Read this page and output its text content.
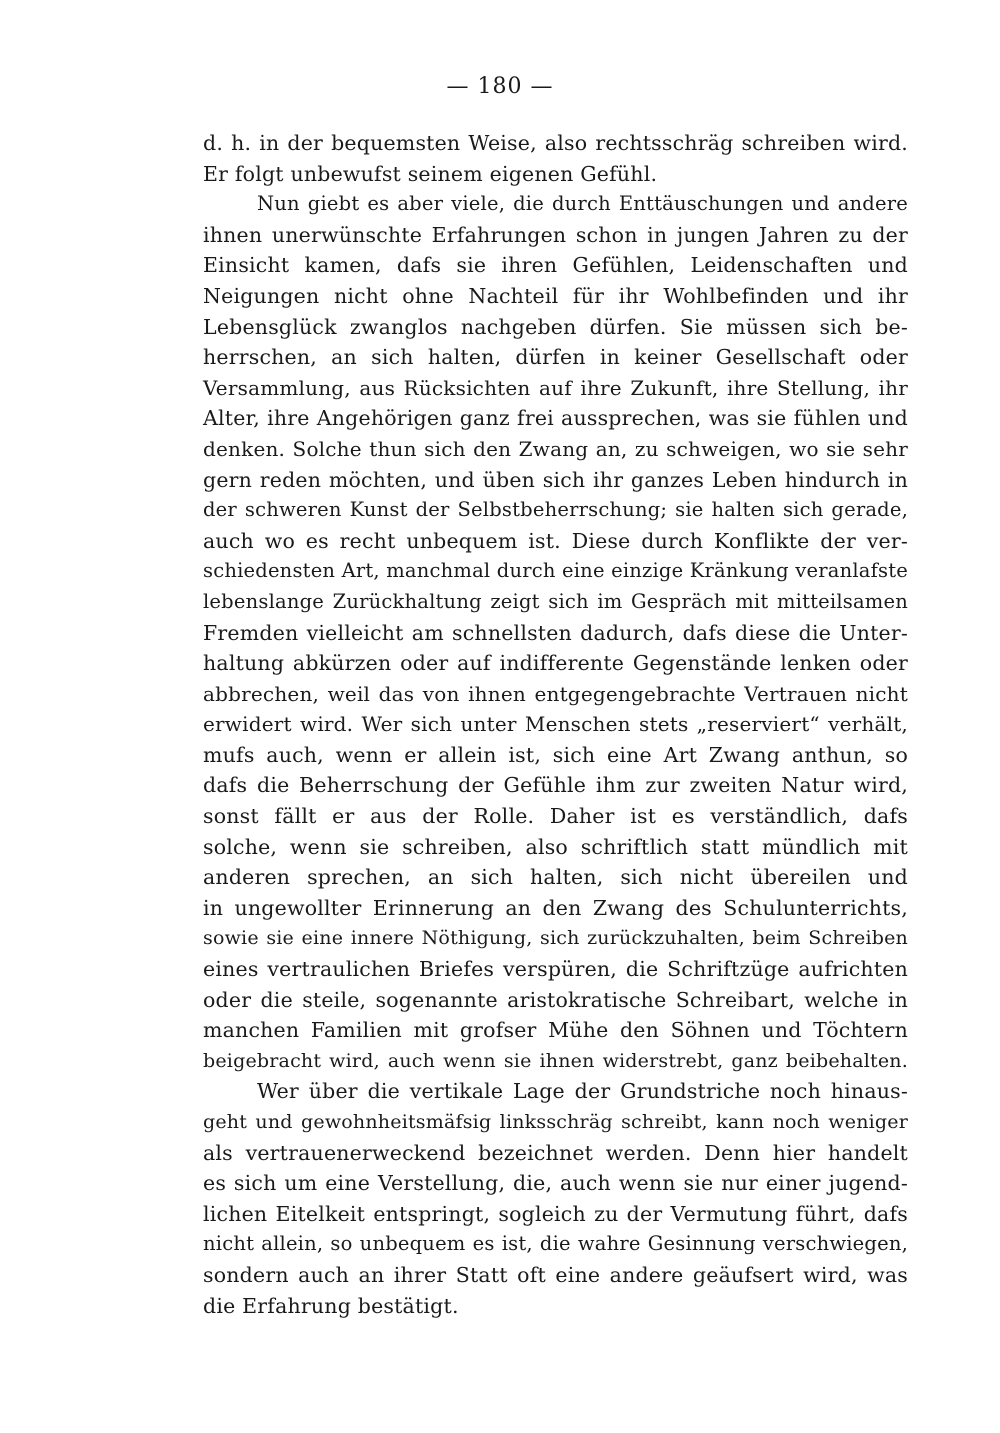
— 180 —
d. h. in der bequemsten Weise, also rechtsschräg schreiben wird.
Er folgt unbewufst seinem eigenen Gefühl.
Nun giebt es aber viele, die durch Enttäuschungen und andere
ihnen unerwünschte Erfahrungen schon in jungen Jahren zu der
Einsicht kamen, dafs sie ihren Gefühlen, Leidenschaften und
Neigungen nicht ohne Nachteil für ihr Wohlbefinden und ihr
Lebensglück zwanglos nachgeben dürfen. Sie müssen sich be-
herrschen, an sich halten, dürfen in keiner Gesellschaft oder
Versammlung, aus Rücksichten auf ihre Zukunft, ihre Stellung, ihr
Alter, ihre Angehörigen ganz frei aussprechen, was sie fühlen und
denken. Solche thun sich den Zwang an, zu schweigen, wo sie sehr
gern reden möchten, und üben sich ihr ganzes Leben hindurch in
der schweren Kunst der Selbstbeherrschung; sie halten sich gerade,
auch wo es recht unbequem ist. Diese durch Konflikte der ver-
schiedensten Art, manchmal durch eine einzige Kränkung veranlafste
lebenslange Zurückhaltung zeigt sich im Gespräch mit mitteilsamen
Fremden vielleicht am schnellsten dadurch, dafs diese die Unter-
haltung abkürzen oder auf indifferente Gegenstände lenken oder
abbrechen, weil das von ihnen entgegengebrachte Vertrauen nicht
erwidert wird. Wer sich unter Menschen stets „reserviert“ verhält,
mufs auch, wenn er allein ist, sich eine Art Zwang anthun, so
dafs die Beherrschung der Gefühle ihm zur zweiten Natur wird,
sonst fällt er aus der Rolle. Daher ist es verständlich, dafs
solche, wenn sie schreiben, also schriftlich statt mündlich mit
anderen sprechen, an sich halten, sich nicht übereilen und
in ungewollter Erinnerung an den Zwang des Schulunterrichts,
sowie sie eine innere Nöthigung, sich zurückzuhalten, beim Schreiben
eines vertraulichen Briefes verspüren, die Schriftzüge aufrichten
oder die steile, sogenannte aristokratische Schreibart, welche in
manchen Familien mit grofser Mühe den Söhnen und Töchtern
beigebracht wird, auch wenn sie ihnen widerstrebt, ganz beibehalten.
Wer über die vertikale Lage der Grundstriche noch hinaus-
geht und gewohnheitsmäfsig linksschräg schreibt, kann noch weniger
als vertrauenerweckend bezeichnet werden. Denn hier handelt
es sich um eine Verstellung, die, auch wenn sie nur einer jugend-
lichen Eitelkeit entspringt, sogleich zu der Vermutung führt, dafs
nicht allein, so unbequem es ist, die wahre Gesinnung verschwiegen,
sondern auch an ihrer Statt oft eine andere geäufsert wird, was
die Erfahrung bestätigt.
